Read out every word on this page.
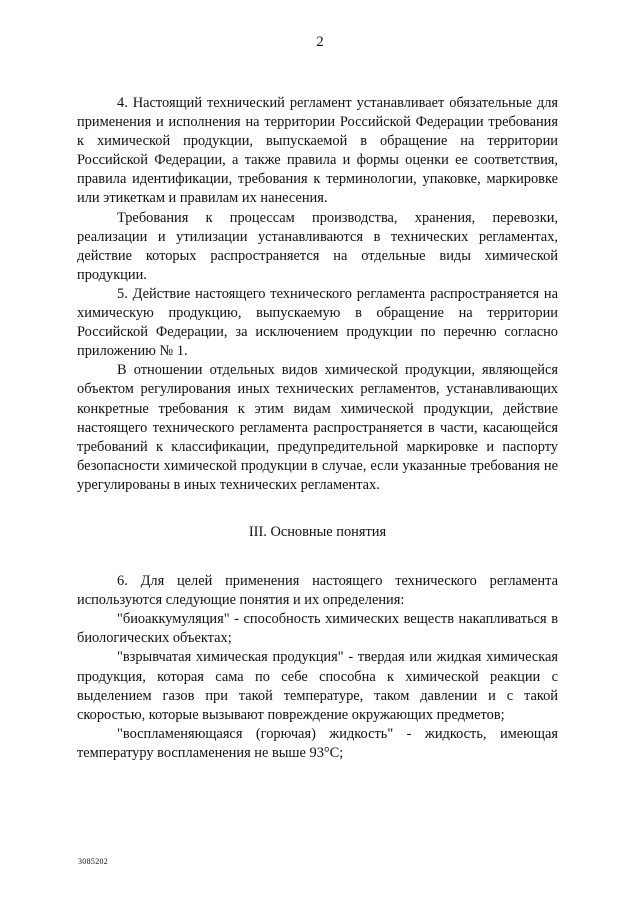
2

4. Настоящий технический регламент устанавливает обязательные для применения и исполнения на территории Российской Федерации требования к химической продукции, выпускаемой в обращение на территории Российской Федерации, а также правила и формы оценки ее соответствия, правила идентификации, требования к терминологии, упаковке, маркировке или этикеткам и правилам их нанесения.

Требования к процессам производства, хранения, перевозки, реализации и утилизации устанавливаются в технических регламентах, действие которых распространяется на отдельные виды химической продукции.

5. Действие настоящего технического регламента распространяется на химическую продукцию, выпускаемую в обращение на территории Российской Федерации, за исключением продукции по перечню согласно приложению № 1.

В отношении отдельных видов химической продукции, являющейся объектом регулирования иных технических регламентов, устанавливающих конкретные требования к этим видам химической продукции, действие настоящего технического регламента распространяется в части, касающейся требований к классификации, предупредительной маркировке и паспорту безопасности химической продукции в случае, если указанные требования не урегулированы в иных технических регламентах.

III. Основные понятия

6. Для целей применения настоящего технического регламента используются следующие понятия и их определения:

"биоаккумуляция" - способность химических веществ накапливаться в биологических объектах;

"взрывчатая химическая продукция" - твердая или жидкая химическая продукция, которая сама по себе способна к химической реакции с выделением газов при такой температуре, таком давлении и с такой скоростью, которые вызывают повреждение окружающих предметов;

"воспламеняющаяся (горючая) жидкость" - жидкость, имеющая температуру воспламенения не выше 93°C;

3085202
